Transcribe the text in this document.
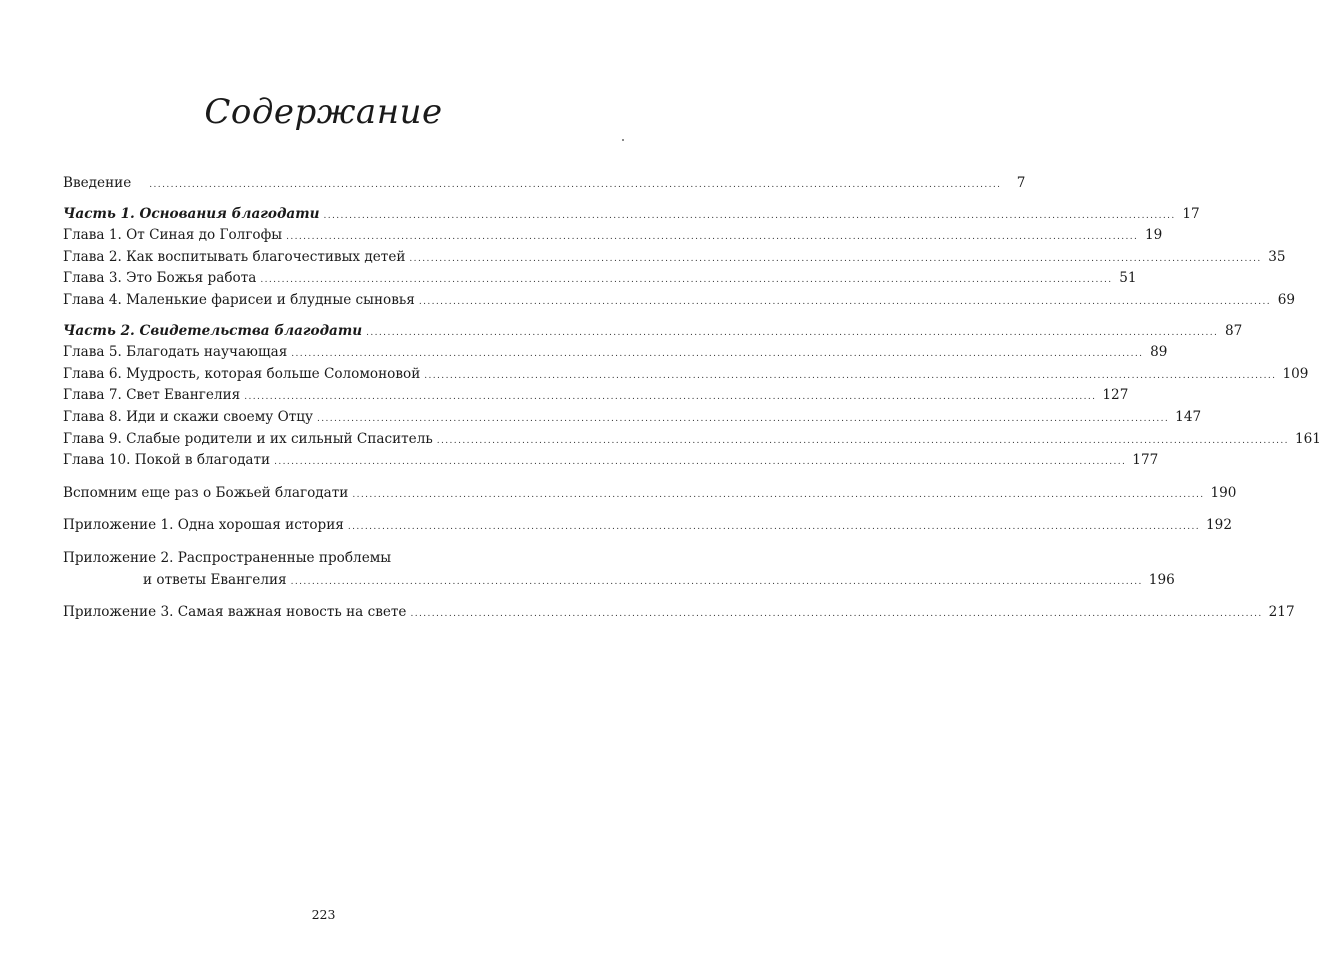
Содержание
Введение	........................................................................................................................................................................................................	7
Часть 1. Основания благодати ........................................................................................................................................................................................................ 17
Глава 1. От Синая до Голгофы ........................................................................................................................................................................................................ 19
Глава 2. Как воспитывать благочестивых детей ........................................................................................................................................................................................................ 35
Глава 3. Это Божья работа ........................................................................................................................................................................................................ 51
Глава 4. Маленькие фарисеи и блудные сыновья ........................................................................................................................................................................................................ 69
Часть 2. Свидетельства благодати ........................................................................................................................................................................................................ 87
Глава 5. Благодать научающая ........................................................................................................................................................................................................ 89
Глава 6. Мудрость, которая больше Соломоновой ........................................................................................................................................................................................................ 109
Глава 7. Свет Евангелия ........................................................................................................................................................................................................ 127
Глава 8. Иди и скажи своему Отцу ........................................................................................................................................................................................................ 147
Глава 9. Слабые родители и их сильный Спаситель ........................................................................................................................................................................................................ 161
Глава 10. Покой в благодати ........................................................................................................................................................................................................ 177
Вспомним еще раз о Божьей благодати ........................................................................................................................................................................................................ 190
Приложение 1. Одна хорошая история ........................................................................................................................................................................................................ 192
Приложение 2. Распространенные проблемы
и ответы Евангелия ........................................................................................................................................................................................................ 196
Приложение 3. Самая важная новость на свете ........................................................................................................................................................................................................ 217
223
